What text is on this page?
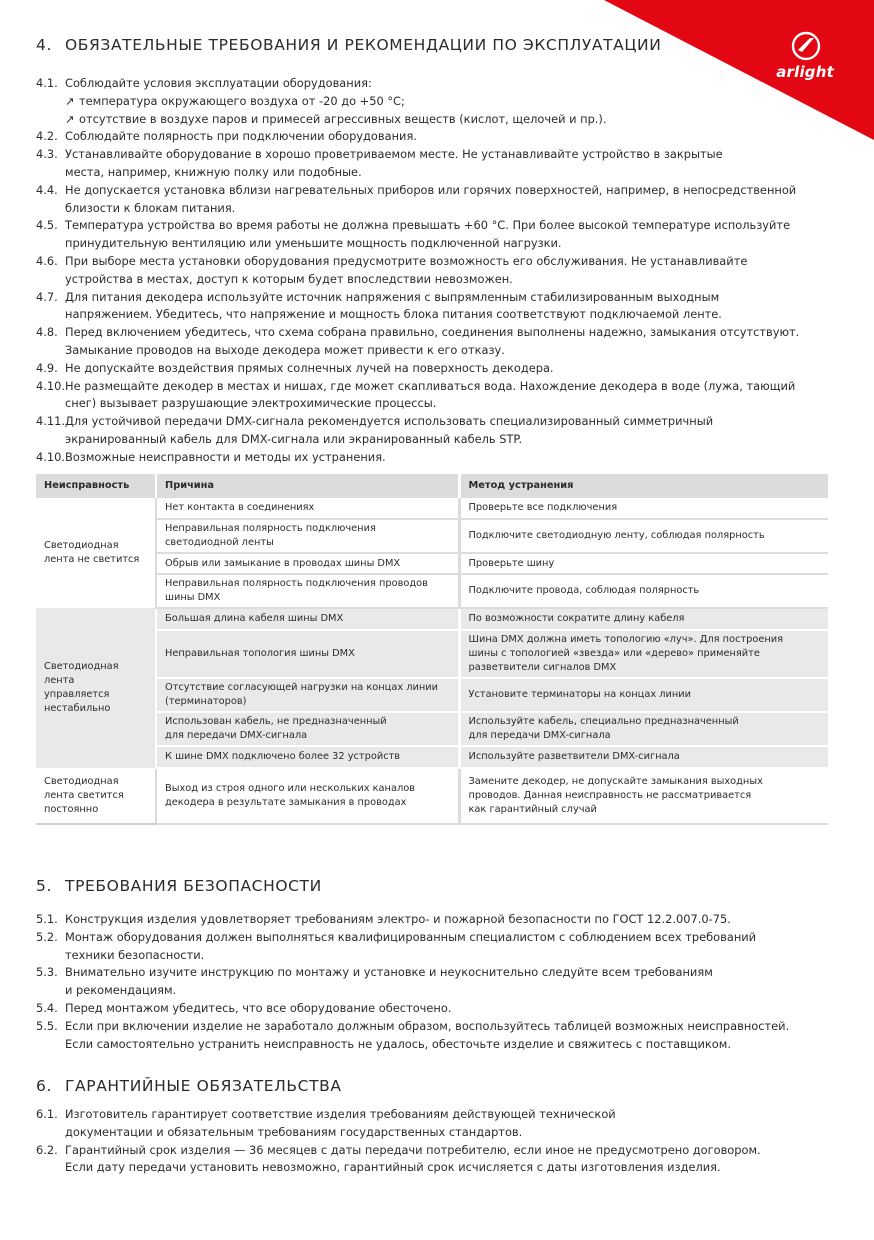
arlight
4. ОБЯЗАТЕЛЬНЫЕ ТРЕБОВАНИЯ И РЕКОМЕНДАЦИИ ПО ЭКСПЛУАТАЦИИ
4.1. Соблюдайте условия эксплуатации оборудования:
↗ температура окружающего воздуха от -20 до +50 °С;
↗ отсутствие в воздухе паров и примесей агрессивных веществ (кислот, щелочей и пр.).
4.2. Соблюдайте полярность при подключении оборудования.
4.3. Устанавливайте оборудование в хорошо проветриваемом месте. Не устанавливайте устройство в закрытые
места, например, книжную полку или подобные.
4.4. Не допускается установка вблизи нагревательных приборов или горячих поверхностей, например, в непосредственной
близости к блокам питания.
4.5. Температура устройства во время работы не должна превышать +60 °С. При более высокой температуре используйте
принудительную вентиляцию или уменьшите мощность подключенной нагрузки.
4.6. При выборе места установки оборудования предусмотрите возможность его обслуживания. Не устанавливайте
устройства в местах, доступ к которым будет впоследствии невозможен.
4.7. Для питания декодера используйте источник напряжения с выпрямленным стабилизированным выходным
напряжением. Убедитесь, что напряжение и мощность блока питания соответствуют подключаемой ленте.
4.8. Перед включением убедитесь, что схема собрана правильно, соединения выполнены надежно, замыкания отсутствуют.
Замыкание проводов на выходе декодера может привести к его отказу.
4.9. Не допускайте воздействия прямых солнечных лучей на поверхность декодера.
4.10. Не размещайте декодер в местах и нишах, где может скапливаться вода. Нахождение декодера в воде (лужа, тающий
снег) вызывает разрушающие электрохимические процессы.
4.11. Для устойчивой передачи DMX-сигнала рекомендуется использовать специализированный симметричный
экранированный кабель для DMX-сигнала или экранированный кабель STP.
4.10. Возможные неисправности и методы их устранения.
Неисправность	Причина	Метод устранения
Светодиодная
лента не светится	Нет контакта в соединениях	Проверьте все подключения
	Неправильная полярность подключения
светодиодной ленты	Подключите светодиодную ленту, соблюдая полярность
	Обрыв или замыкание в проводах шины DMX	Проверьте шину
	Неправильная полярность подключения проводов
шины DMX	Подключите провода, соблюдая полярность
Светодиодная
лента
управляется
нестабильно	Большая длина кабеля шины DMX	По возможности сократите длину кабеля
	Неправильная топология шины DMX	Шина DMX должна иметь топологию «луч». Для построения
шины с топологией «звезда» или «дерево» применяйте
разветвители сигналов DMX
	Отсутствие согласующей нагрузки на концах линии
(терминаторов)	Установите терминаторы на концах линии
	Использован кабель, не предназначенный
для передачи DMX-сигнала	Используйте кабель, специально предназначенный
для передачи DMX-сигнала
	К шине DMX подключено более 32 устройств	Используйте разветвители DMX-сигнала
Светодиодная
лента светится
постоянно	Выход из строя одного или нескольких каналов
декодера в результате замыкания в проводах	Замените декодер, не допускайте замыкания выходных
проводов. Данная неисправность не рассматривается
как гарантийный случай
5. ТРЕБОВАНИЯ БЕЗОПАСНОСТИ
5.1. Конструкция изделия удовлетворяет требованиям электро- и пожарной безопасности по ГОСТ 12.2.007.0-75.
5.2. Монтаж оборудования должен выполняться квалифицированным специалистом с соблюдением всех требований
техники безопасности.
5.3. Внимательно изучите инструкцию по монтажу и установке и неукоснительно следуйте всем требованиям
и рекомендациям.
5.4. Перед монтажом убедитесь, что все оборудование обесточено.
5.5. Если при включении изделие не заработало должным образом, воспользуйтесь таблицей возможных неисправностей.
Если самостоятельно устранить неисправность не удалось, обесточьте изделие и свяжитесь с поставщиком.
6. ГАРАНТИЙНЫЕ ОБЯЗАТЕЛЬСТВА
6.1. Изготовитель гарантирует соответствие изделия требованиям действующей технической
документации и обязательным требованиям государственных стандартов.
6.2. Гарантийный срок изделия — 36 месяцев с даты передачи потребителю, если иное не предусмотрено договором.
Если дату передачи установить невозможно, гарантийный срок исчисляется с даты изготовления изделия.
